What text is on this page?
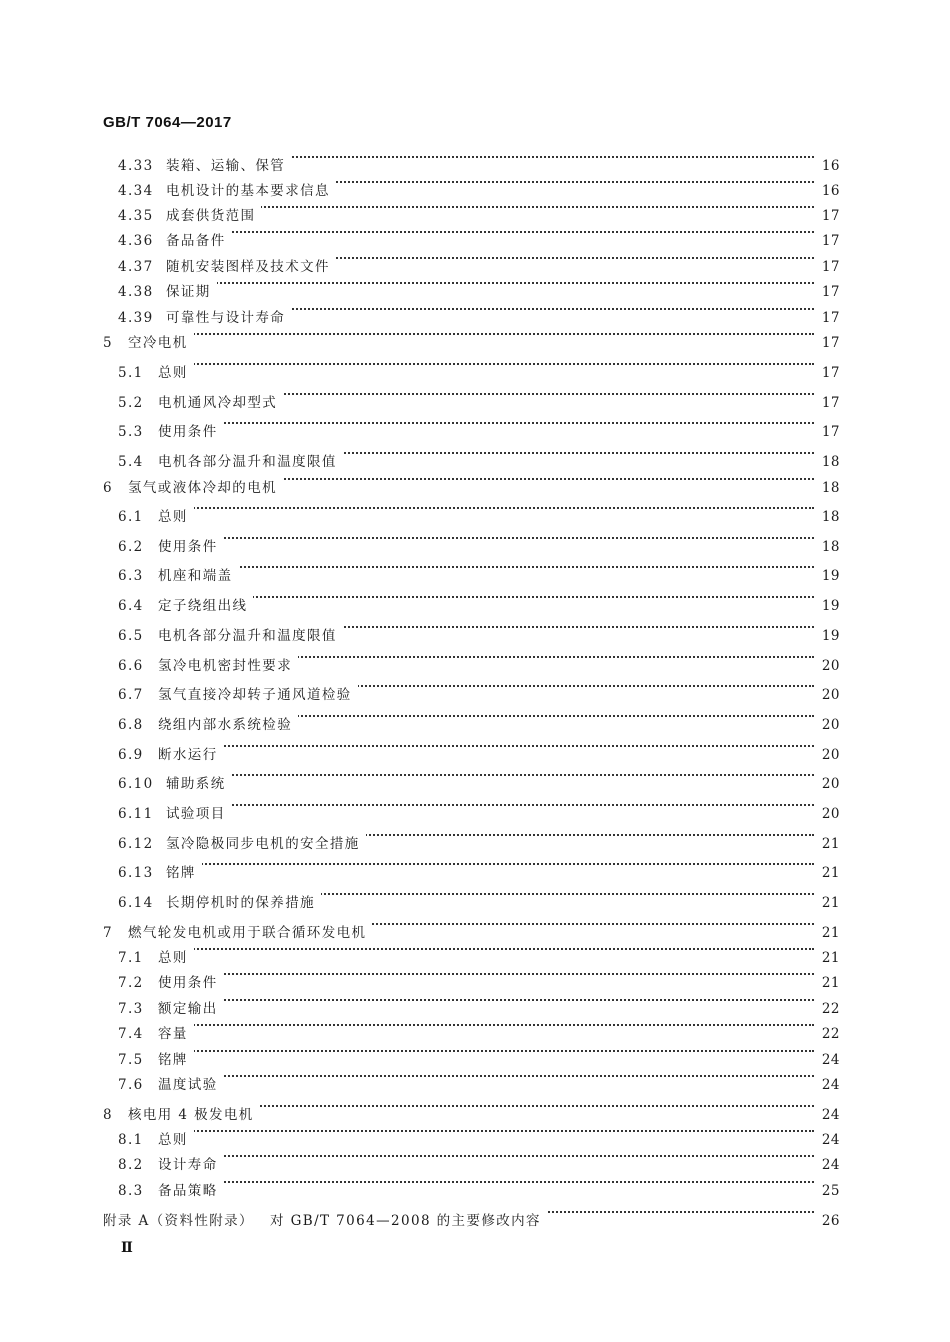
GB/T 7064—2017
4.33 装箱、运输、保管	16
4.34 电机设计的基本要求信息	16
4.35 成套供货范围	17
4.36 备品备件	17
4.37 随机安装图样及技术文件	17
4.38 保证期	17
4.39 可靠性与设计寿命	17
5 空冷电机	17
5.1 总则	17
5.2 电机通风冷却型式	17
5.3 使用条件	17
5.4 电机各部分温升和温度限值	18
6 氢气或液体冷却的电机	18
6.1 总则	18
6.2 使用条件	18
6.3 机座和端盖	19
6.4 定子绕组出线	19
6.5 电机各部分温升和温度限值	19
6.6 氢冷电机密封性要求	20
6.7 氢气直接冷却转子通风道检验	20
6.8 绕组内部水系统检验	20
6.9 断水运行	20
6.10 辅助系统	20
6.11 试验项目	20
6.12 氢冷隐极同步电机的安全措施	21
6.13 铭牌	21
6.14 长期停机时的保养措施	21
7 燃气轮发电机或用于联合循环发电机	21
7.1 总则	21
7.2 使用条件	21
7.3 额定输出	22
7.4 容量	22
7.5 铭牌	24
7.6 温度试验	24
8 核电用 4 极发电机	24
8.1 总则	24
8.2 设计寿命	24
8.3 备品策略	25
附录 A（资料性附录） 对 GB/T 7064—2008 的主要修改内容	26
Ⅱ
